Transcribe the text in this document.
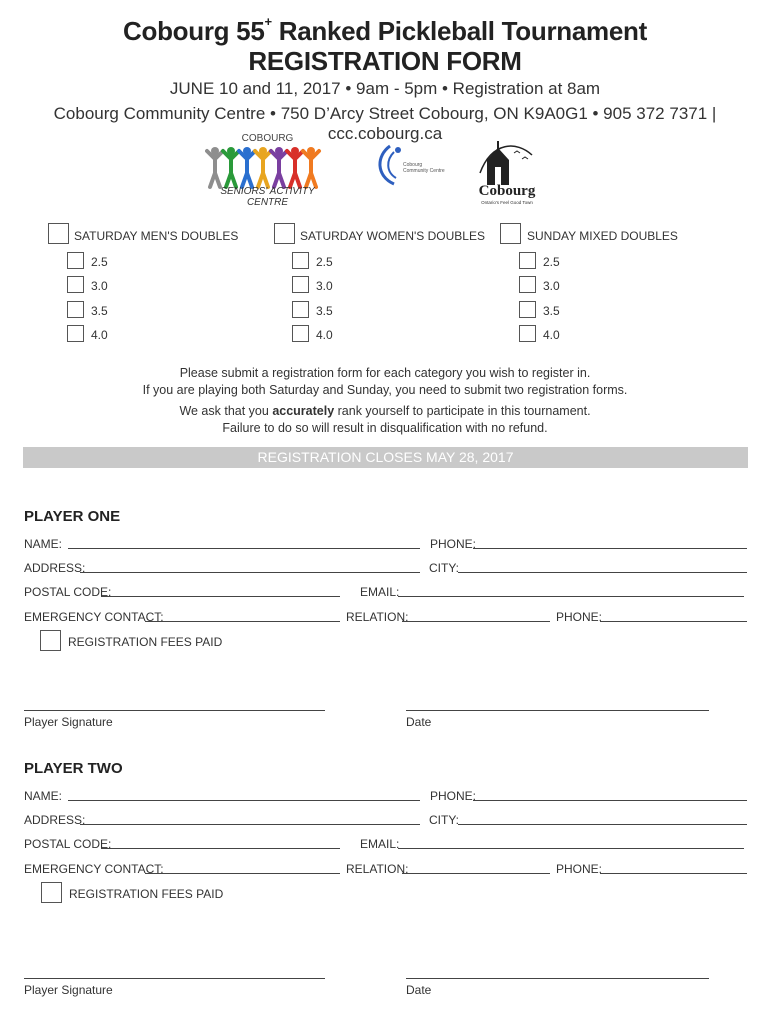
Cobourg 55+ Ranked Pickleball Tournament
REGISTRATION FORM
JUNE 10 and 11, 2017 • 9am - 5pm • Registration at 8am
Cobourg Community Centre • 750 D’Arcy Street Cobourg, ON K9A0G1 • 905 372 7371 | ccc.cobourg.ca
COBOURG
SENIORS' ACTIVITY CENTRE
Cobourg Community Centre
Cobourg
Ontario's Feel Good Town
SATURDAY MEN'S DOUBLES
2.5
3.0
3.5
4.0
SATURDAY WOMEN'S DOUBLES
2.5
3.0
3.5
4.0
SUNDAY MIXED DOUBLES
2.5
3.0
3.5
4.0
Please submit a registration form for each category you wish to register in.
If you are playing both Saturday and Sunday, you need to submit two registration forms.
We ask that you accurately rank yourself to participate in this tournament.
Failure to do so will result in disqualification with no refund.
REGISTRATION CLOSES MAY 28, 2017
PLAYER ONE
NAME:	PHONE:
ADDRESS:	CITY:
POSTAL CODE:	EMAIL:
EMERGENCY CONTACT:	RELATION:	PHONE:
REGISTRATION FEES PAID
Player Signature	Date
PLAYER TWO
NAME:	PHONE:
ADDRESS:	CITY:
POSTAL CODE:	EMAIL:
EMERGENCY CONTACT:	RELATION:	PHONE:
REGISTRATION FEES PAID
Player Signature	Date
